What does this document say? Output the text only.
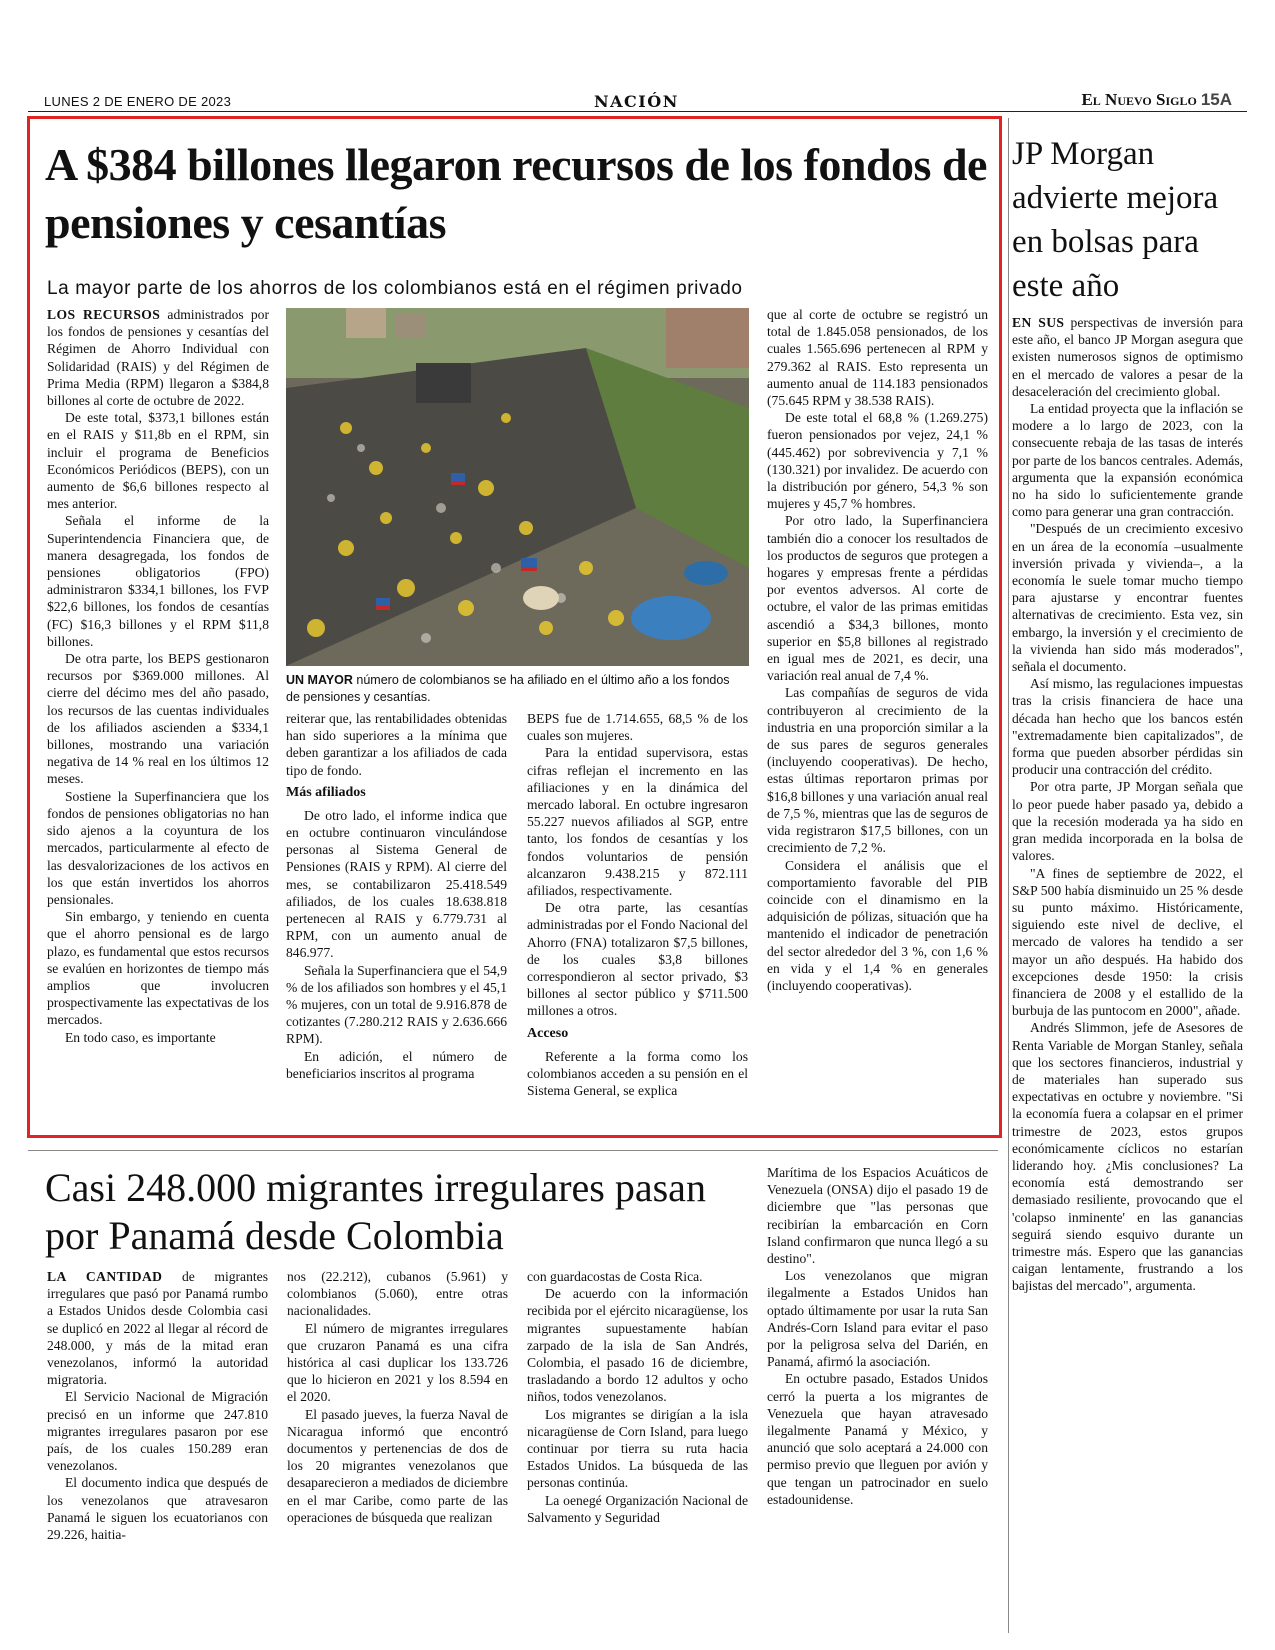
LUNES 2 DE ENERO DE 2023	NACIÓN	El Nuevo Siglo 15A
A $384 billones llegaron recursos de los fondos de pensiones y cesantías
La mayor parte de los ahorros de los colombianos está en el régimen privado

LOS RECURSOS administrados por los fondos de pensiones y cesantías del Régimen de Ahorro Individual con Solidaridad (RAIS) y del Régimen de Prima Media (RPM) llegaron a $384,8 billones al corte de octubre de 2022.

De este total, $373,1 billones están en el RAIS y $11,8b en el RPM, sin incluir el programa de Beneficios Económicos Periódicos (BEPS), con un aumento de $6,6 billones respecto al mes anterior.

Señala el informe de la Superintendencia Financiera que, de manera desagregada, los fondos de pensiones obligatorios (FPO) administraron $334,1 billones, los FVP $22,6 billones, los fondos de cesantías (FC) $16,3 billones y el RPM $11,8 billones.

De otra parte, los BEPS gestionaron recursos por $369.000 millones. Al cierre del décimo mes del año pasado, los recursos de las cuentas individuales de los afiliados ascienden a $334,1 billones, mostrando una variación negativa de 14 % real en los últimos 12 meses.

Sostiene la Superfinanciera que los fondos de pensiones obligatorias no han sido ajenos a la coyuntura de los mercados, particularmente al efecto de las desvalorizaciones de los activos en los que están invertidos los ahorros pensionales.

Sin embargo, y teniendo en cuenta que el ahorro pensional es de largo plazo, es fundamental que estos recursos se evalúen en horizontes de tiempo más amplios que involucren prospectivamente las expectativas de los mercados.

En todo caso, es importante

UN MAYOR número de colombianos se ha afiliado en el último año a los fondos de pensiones y cesantías.

reiterar que, las rentabilidades obtenidas han sido superiores a la mínima que deben garantizar a los afiliados de cada tipo de fondo.

Más afiliados

De otro lado, el informe indica que en octubre continuaron vinculándose personas al Sistema General de Pensiones (RAIS y RPM). Al cierre del mes, se contabilizaron 25.418.549 afiliados, de los cuales 18.638.818 pertenecen al RAIS y 6.779.731 al RPM, con un aumento anual de 846.977.

Señala la Superfinanciera que el 54,9 % de los afiliados son hombres y el 45,1 % mujeres, con un total de 9.916.878 de cotizantes (7.280.212 RAIS y 2.636.666 RPM).

En adición, el número de beneficiarios inscritos al programa

BEPS fue de 1.714.655, 68,5 % de los cuales son mujeres.

Para la entidad supervisora, estas cifras reflejan el incremento en las afiliaciones y en la dinámica del mercado laboral. En octubre ingresaron 55.227 nuevos afiliados al SGP, entre tanto, los fondos de cesantías y los fondos voluntarios de pensión alcanzaron 9.438.215 y 872.111 afiliados, respectivamente.

De otra parte, las cesantías administradas por el Fondo Nacional del Ahorro (FNA) totalizaron $7,5 billones, de los cuales $3,8 billones correspondieron al sector privado, $3 billones al sector público y $711.500 millones a otros.

Acceso

Referente a la forma como los colombianos acceden a su pensión en el Sistema General, se explica

que al corte de octubre se registró un total de 1.845.058 pensionados, de los cuales 1.565.696 pertenecen al RPM y 279.362 al RAIS. Esto representa un aumento anual de 114.183 pensionados (75.645 RPM y 38.538 RAIS).

De este total el 68,8 % (1.269.275) fueron pensionados por vejez, 24,1 % (445.462) por sobrevivencia y 7,1 % (130.321) por invalidez. De acuerdo con la distribución por género, 54,3 % son mujeres y 45,7 % hombres.

Por otro lado, la Superfinanciera también dio a conocer los resultados de los productos de seguros que protegen a hogares y empresas frente a pérdidas por eventos adversos. Al corte de octubre, el valor de las primas emitidas ascendió a $34,3 billones, monto superior en $5,8 billones al registrado en igual mes de 2021, es decir, una variación real anual de 7,4 %.

Las compañías de seguros de vida contribuyeron al crecimiento de la industria en una proporción similar a la de sus pares de seguros generales (incluyendo cooperativas). De hecho, estas últimas reportaron primas por $16,8 billones y una variación anual real de 7,5 %, mientras que las de seguros de vida registraron $17,5 billones, con un crecimiento de 7,2 %.

Considera el análisis que el comportamiento favorable del PIB coincide con el dinamismo en la adquisición de pólizas, situación que ha mantenido el indicador de penetración del sector alrededor del 3 %, con 1,6 % en vida y el 1,4 % en generales (incluyendo cooperativas).

Casi 248.000 migrantes irregulares pasan por Panamá desde Colombia

LA CANTIDAD de migrantes irregulares que pasó por Panamá rumbo a Estados Unidos desde Colombia casi se duplicó en 2022 al llegar al récord de 248.000, y más de la mitad eran venezolanos, informó la autoridad migratoria.

El Servicio Nacional de Migración precisó en un informe que 247.810 migrantes irregulares pasaron por ese país, de los cuales 150.289 eran venezolanos.

El documento indica que después de los venezolanos que atravesaron Panamá le siguen los ecuatorianos con 29.226, haitia-

nos (22.212), cubanos (5.961) y colombianos (5.060), entre otras nacionalidades.

El número de migrantes irregulares que cruzaron Panamá es una cifra histórica al casi duplicar los 133.726 que lo hicieron en 2021 y los 8.594 en el 2020.

El pasado jueves, la fuerza Naval de Nicaragua informó que encontró documentos y pertenencias de dos de los 20 migrantes venezolanos que desaparecieron a mediados de diciembre en el mar Caribe, como parte de las operaciones de búsqueda que realizan

con guardacostas de Costa Rica.

De acuerdo con la información recibida por el ejército nicaragüense, los migrantes supuestamente habían zarpado de la isla de San Andrés, Colombia, el pasado 16 de diciembre, trasladando a bordo 12 adultos y ocho niños, todos venezolanos.

Los migrantes se dirigían a la isla nicaragüense de Corn Island, para luego continuar por tierra su ruta hacia Estados Unidos. La búsqueda de las personas continúa.

La oenegé Organización Nacional de Salvamento y Seguridad

Marítima de los Espacios Acuáticos de Venezuela (ONSA) dijo el pasado 19 de diciembre que "las personas que recibirían la embarcación en Corn Island confirmaron que nunca llegó a su destino".

Los venezolanos que migran ilegalmente a Estados Unidos han optado últimamente por usar la ruta San Andrés-Corn Island para evitar el paso por la peligrosa selva del Darién, en Panamá, afirmó la asociación.

En octubre pasado, Estados Unidos cerró la puerta a los migrantes de Venezuela que hayan atravesado ilegalmente Panamá y México, y anunció que solo aceptará a 24.000 con permiso previo que lleguen por avión y que tengan un patrocinador en suelo estadounidense.

JP Morgan advierte mejora en bolsas para este año

EN SUS perspectivas de inversión para este año, el banco JP Morgan asegura que existen numerosos signos de optimismo en el mercado de valores a pesar de la desaceleración del crecimiento global.

La entidad proyecta que la inflación se modere a lo largo de 2023, con la consecuente rebaja de las tasas de interés por parte de los bancos centrales. Además, argumenta que la expansión económica no ha sido lo suficientemente grande como para generar una gran contracción.

"Después de un crecimiento excesivo en un área de la economía –usualmente inversión privada y vivienda–, a la economía le suele tomar mucho tiempo para ajustarse y encontrar fuentes alternativas de crecimiento. Esta vez, sin embargo, la inversión y el crecimiento de la vivienda han sido más moderados", señala el documento.

Así mismo, las regulaciones impuestas tras la crisis financiera de hace una década han hecho que los bancos estén "extremadamente bien capitalizados", de forma que pueden absorber pérdidas sin producir una contracción del crédito.

Por otra parte, JP Morgan señala que lo peor puede haber pasado ya, debido a que la recesión moderada ya ha sido en gran medida incorporada en la bolsa de valores.

"A fines de septiembre de 2022, el S&P 500 había disminuido un 25 % desde su punto máximo. Históricamente, siguiendo este nivel de declive, el mercado de valores ha tendido a ser mayor un año después. Ha habido dos excepciones desde 1950: la crisis financiera de 2008 y el estallido de la burbuja de las puntocom en 2000", añade.

Andrés Slimmon, jefe de Asesores de Renta Variable de Morgan Stanley, señala que los sectores financieros, industrial y de materiales han superado sus expectativas en octubre y noviembre. "Si la economía fuera a colapsar en el primer trimestre de 2023, estos grupos económicamente cíclicos no estarían liderando hoy. ¿Mis conclusiones? La economía está demostrando ser demasiado resiliente, provocando que el 'colapso inminente' en las ganancias seguirá siendo esquivo durante un trimestre más. Espero que las ganancias caigan lentamente, frustrando a los bajistas del mercado", argumenta.
